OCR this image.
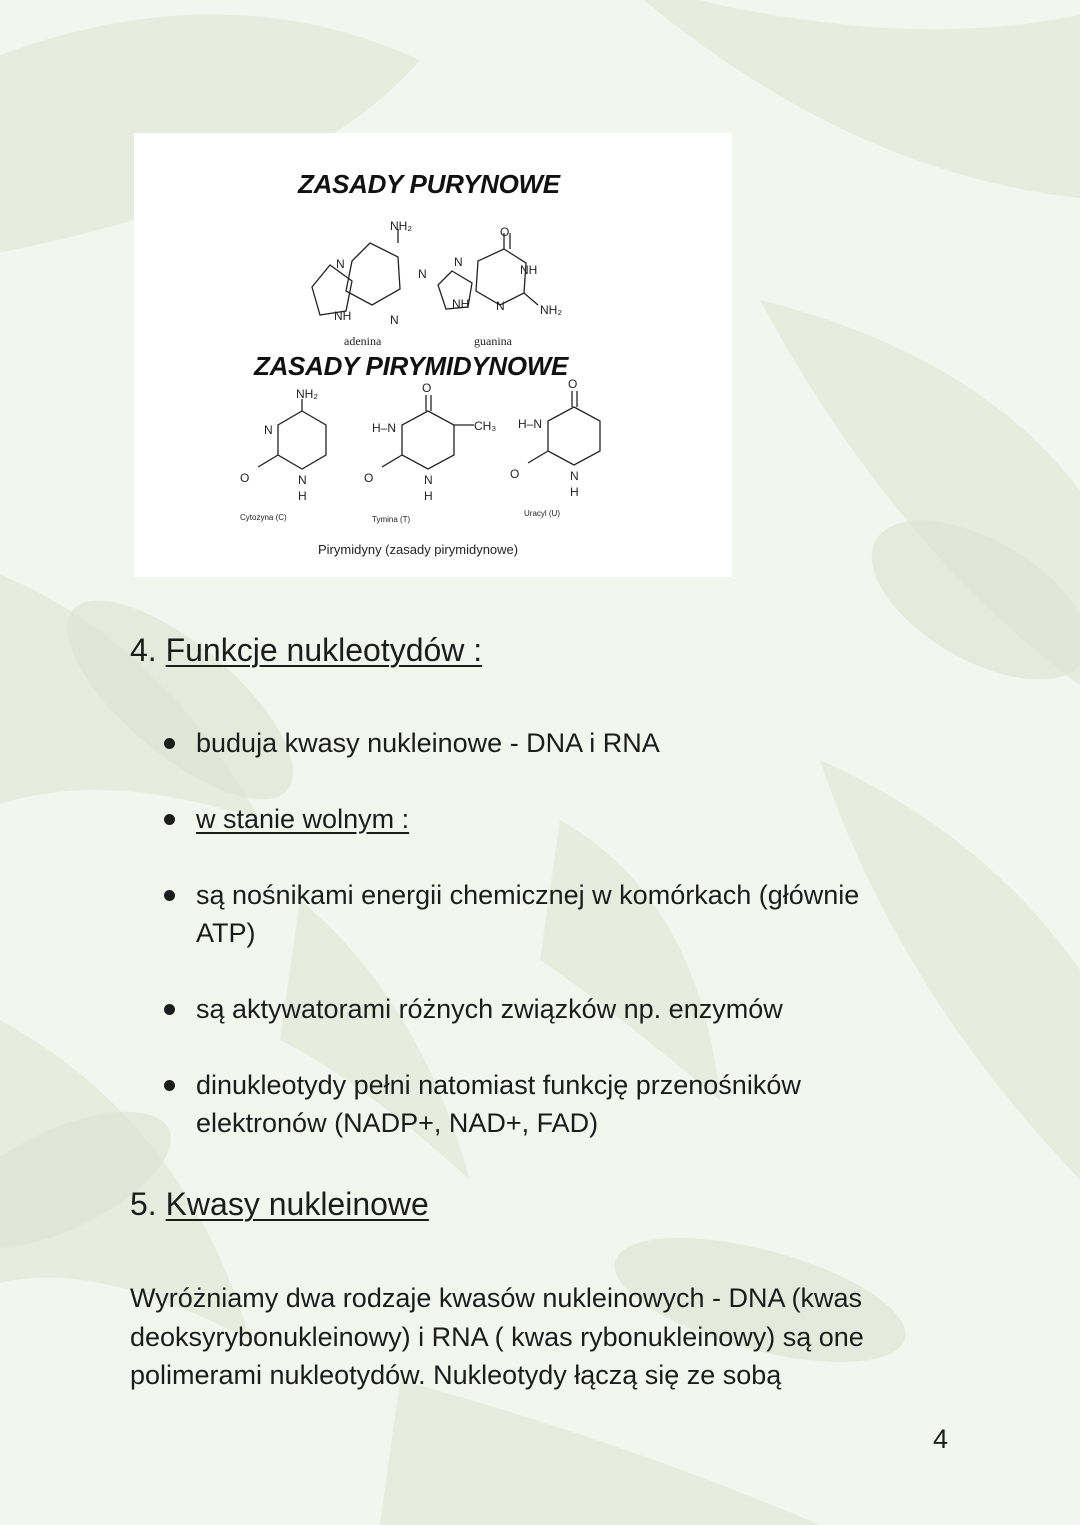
ZASADY PURYNOWE
ZASADY PIRYMIDYNOWE
NH₂
N
N
NH	N
N
O
NH
NH N	NH₂
adenina	guanina
NH₂
N
O	N
H
O
H–N	CH₃
O	N
H
O
H–N
O	N
H
Cytozyna (C)	Tymina (T)
Uracyl (U)
Pirymidyny (zasady pirymidynowe)
4. Funkcje nukleotydów :
buduja kwasy nukleinowe - DNA i RNA
w stanie wolnym :
są nośnikami energii chemicznej w komórkach (głównie ATP)
są aktywatorami różnych związków np. enzymów
dinukleotydy pełni natomiast funkcję przenośników elektronów (NADP+, NAD+, FAD)
5. Kwasy nukleinowe

Wyróżniamy dwa rodzaje kwasów nukleinowych - DNA (kwas deoksyrybonukleinowy) i RNA ( kwas rybonukleinowy) są one polimerami nukleotydów. Nukleotydy łączą się ze sobą

4
